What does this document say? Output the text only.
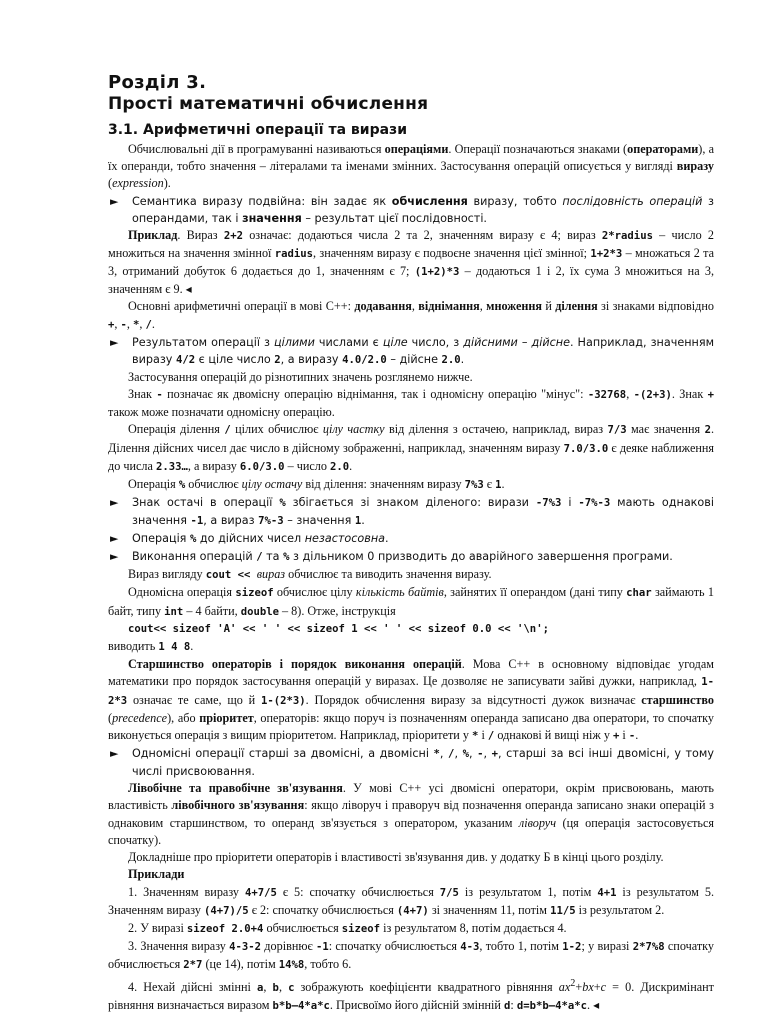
Розділ 3.
Прості математичні обчислення
3.1. Арифметичні операції та вирази

Обчислювальні дії в програмуванні називаються операціями. Операції позначаються знаками (операторами), а їх операнди, тобто значення – літералами та іменами змінних. Застосування операцій описується у вигляді виразу (expression).

► Семантика виразу подвійна: він задає як обчислення виразу, тобто послідовність операцій з операндами, так і значення – результат цієї послідовності.

Приклад. Вираз 2+2 означає: додаються числа 2 та 2, значенням виразу є 4; вираз 2*radius – число 2 множиться на значення змінної radius, значенням виразу є подвоєне значення цієї змінної; 1+2*3 – множаться 2 та 3, отриманий добуток 6 додається до 1, значенням є 7; (1+2)*3 – додаються 1 і 2, їх сума 3 множиться на 3, значенням є 9. ◂

Основні арифметичні операції в мові С++: додавання, віднімання, множення й ділення зі знаками відповідно +, -, *, /.

► Результатом операції з цілими числами є ціле число, з дійсними – дійсне. Наприклад, значенням виразу 4/2 є ціле число 2, а виразу 4.0/2.0 – дійсне 2.0.

Застосування операцій до різнотипних значень розглянемо нижче.

Знак - позначає як двомісну операцію віднімання, так і одномісну операцію "мінус": -32768, -(2+3). Знак + також може позначати одномісну операцію.

Операція ділення / цілих обчислює цілу частку від ділення з остачею, наприклад, вираз 7/3 має значення 2. Ділення дійсних чисел дає число в дійсному зображенні, наприклад, значенням виразу 7.0/3.0 є деяке наближення до числа 2.33…, а виразу 6.0/3.0 – число 2.0.

Операція % обчислює цілу остачу від ділення: значенням виразу 7%3 є 1.

► Знак остачі в операції % збігається зі знаком діленого: вирази -7%3 і -7%-3 мають однакові значення -1, а вираз 7%-3 – значення 1.

► Операція % до дійсних чисел незастосовна.

► Виконання операцій / та % з дільником 0 призводить до аварійного завершення програми.

Вираз вигляду cout << вираз обчислює та виводить значення виразу.

Одномісна операція sizeof обчислює цілу кількість байтів, зайнятих її операндом (дані типу char займають 1 байт, типу int – 4 байти, double – 8). Отже, інструкція

cout<< sizeof 'A' << ' ' << sizeof 1 << ' ' << sizeof 0.0 << '\n';

виводить 1 4 8.

Старшинство операторів і порядок виконання операцій. Мова С++ в основному відповідає угодам математики про порядок застосування операцій у виразах. Це дозволяє не записувати зайві дужки, наприклад, 1-2*3 означає те саме, що й 1-(2*3). Порядок обчислення виразу за відсутності дужок визначає старшинство (precedence), або пріоритет, операторів: якщо поруч із позначенням операнда записано два оператори, то спочатку виконується операція з вищим пріоритетом. Наприклад, пріоритети у * і / однакові й вищі ніж у + і -.

► Одномісні операції старші за двомісні, а двомісні *, /, %, -, +, старші за всі інші двомісні, у тому числі присвоювання.

Лівобічне та правобічне зв'язування. У мові С++ усі двомісні оператори, окрім присвоювань, мають властивість лівобічного зв'язування: якщо ліворуч і праворуч від позначення операнда записано знаки операцій з однаковим старшинством, то операнд зв'язується з оператором, указаним ліворуч (ця операція застосовується спочатку).

Докладніше про пріоритети операторів і властивості зв'язування див. у додатку Б в кінці цього розділу.

Приклади

1. Значенням виразу 4+7/5 є 5: спочатку обчислюється 7/5 із результатом 1, потім 4+1 із результатом 5. Значенням виразу (4+7)/5 є 2: спочатку обчислюється (4+7) зі значенням 11, потім 11/5 із результатом 2.

2. У виразі sizeof 2.0+4 обчислюється sizeof із результатом 8, потім додається 4.

3. Значення виразу 4-3-2 дорівнює -1: спочатку обчислюється 4-3, тобто 1, потім 1-2; у виразі 2*7%8 спочатку обчислюється 2*7 (це 14), потім 14%8, тобто 6.

4. Нехай дійсні змінні a, b, c зображують коефіцієнти квадратного рівняння $ax^2+bx+c = 0$. Дискримінант рівняння визначається виразом b*b–4*a*c. Присвоїмо його дійсній змінній d: d=b*b–4*a*c. ◂
